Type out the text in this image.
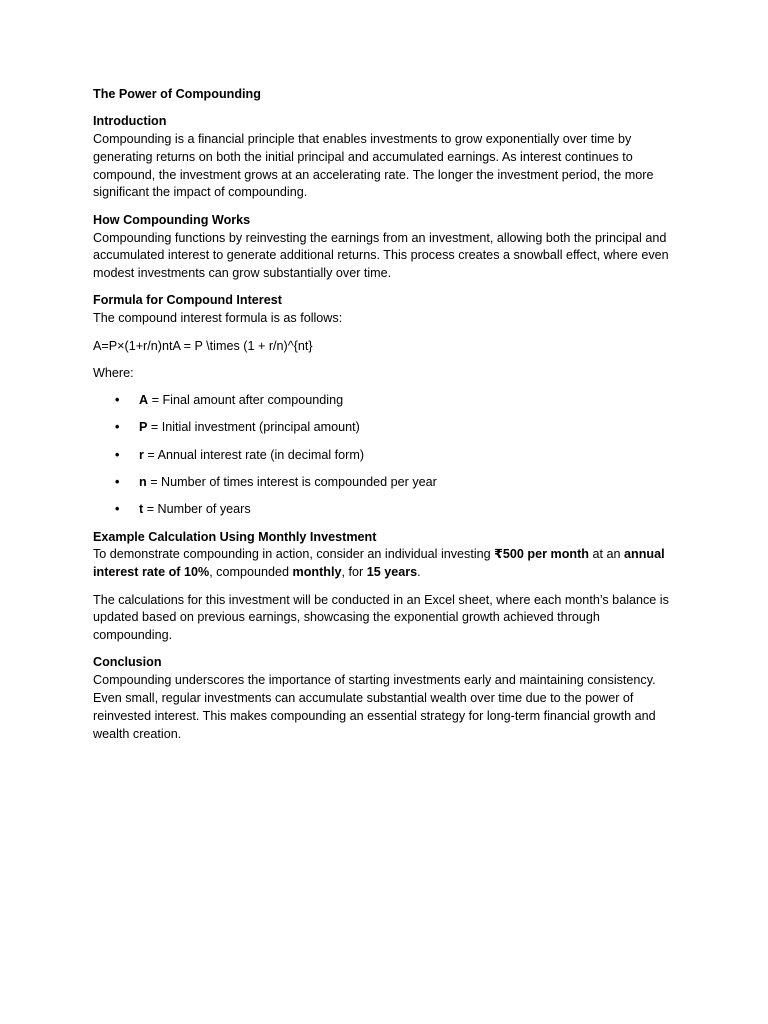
The Power of Compounding
Introduction
Compounding is a financial principle that enables investments to grow exponentially over time by generating returns on both the initial principal and accumulated earnings. As interest continues to compound, the investment grows at an accelerating rate. The longer the investment period, the more significant the impact of compounding.
How Compounding Works
Compounding functions by reinvesting the earnings from an investment, allowing both the principal and accumulated interest to generate additional returns. This process creates a snowball effect, where even modest investments can grow substantially over time.
Formula for Compound Interest
The compound interest formula is as follows:
A=P×(1+r/n)ntA = P \times (1 + r/n)^{nt}
Where:
• A = Final amount after compounding
• P = Initial investment (principal amount)
• r = Annual interest rate (in decimal form)
• n = Number of times interest is compounded per year
• t = Number of years
Example Calculation Using Monthly Investment
To demonstrate compounding in action, consider an individual investing ₹500 per month at an annual interest rate of 10%, compounded monthly, for 15 years.
The calculations for this investment will be conducted in an Excel sheet, where each month’s balance is updated based on previous earnings, showcasing the exponential growth achieved through compounding.
Conclusion
Compounding underscores the importance of starting investments early and maintaining consistency. Even small, regular investments can accumulate substantial wealth over time due to the power of reinvested interest. This makes compounding an essential strategy for long-term financial growth and wealth creation.
